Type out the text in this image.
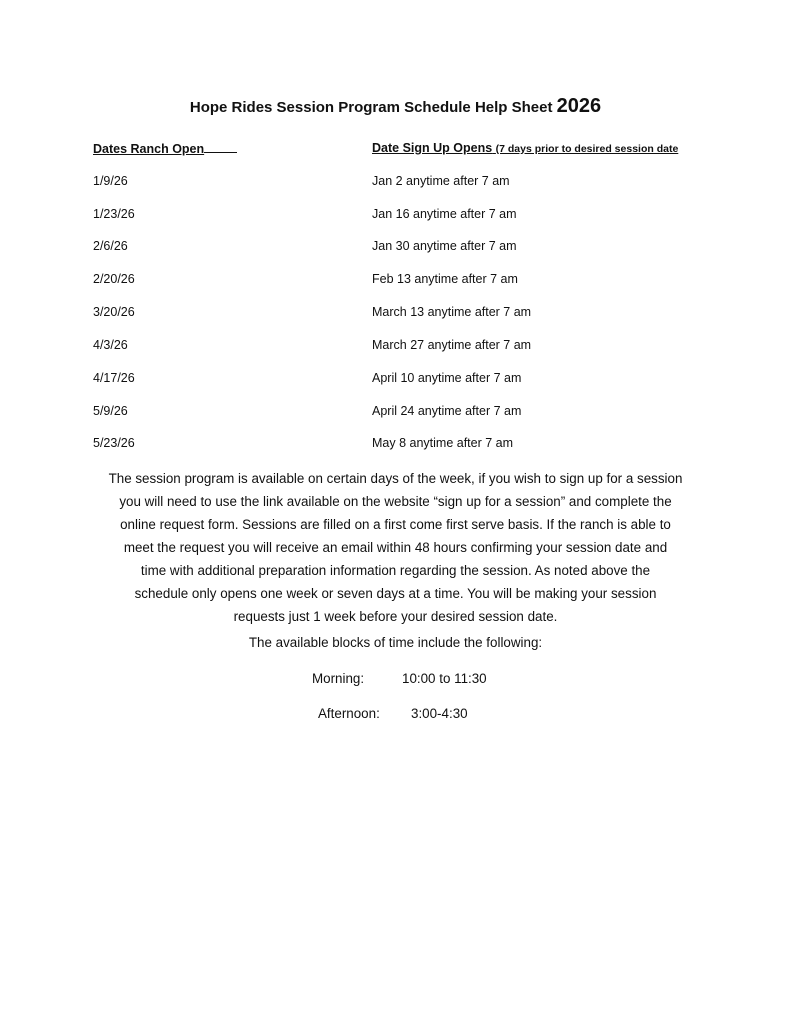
Hope Rides Session Program Schedule Help Sheet 2026
Dates Ranch Open	Date Sign Up Opens (7 days prior to desired session date
1/9/26	Jan 2 anytime after 7 am
1/23/26	Jan 16 anytime after 7 am
2/6/26	Jan 30 anytime after 7 am
2/20/26	Feb 13 anytime after 7 am
3/20/26	March 13 anytime after 7 am
4/3/26	March 27 anytime after 7 am
4/17/26	April 10 anytime after 7 am
5/9/26	April 24 anytime after 7 am
5/23/26	May 8 anytime after 7 am
The session program is available on certain days of the week, if you wish to sign up for a session
you will need to use the link available on the website “sign up for a session” and complete the
online request form. Sessions are filled on a first come first serve basis. If the ranch is able to
meet the request you will receive an email within 48 hours confirming your session date and
time with additional preparation information regarding the session. As noted above the
schedule only opens one week or seven days at a time. You will be making your session
requests just 1 week before your desired session date.
The available blocks of time include the following:
Morning:	10:00 to 11:30
Afternoon: 3:00-4:30
